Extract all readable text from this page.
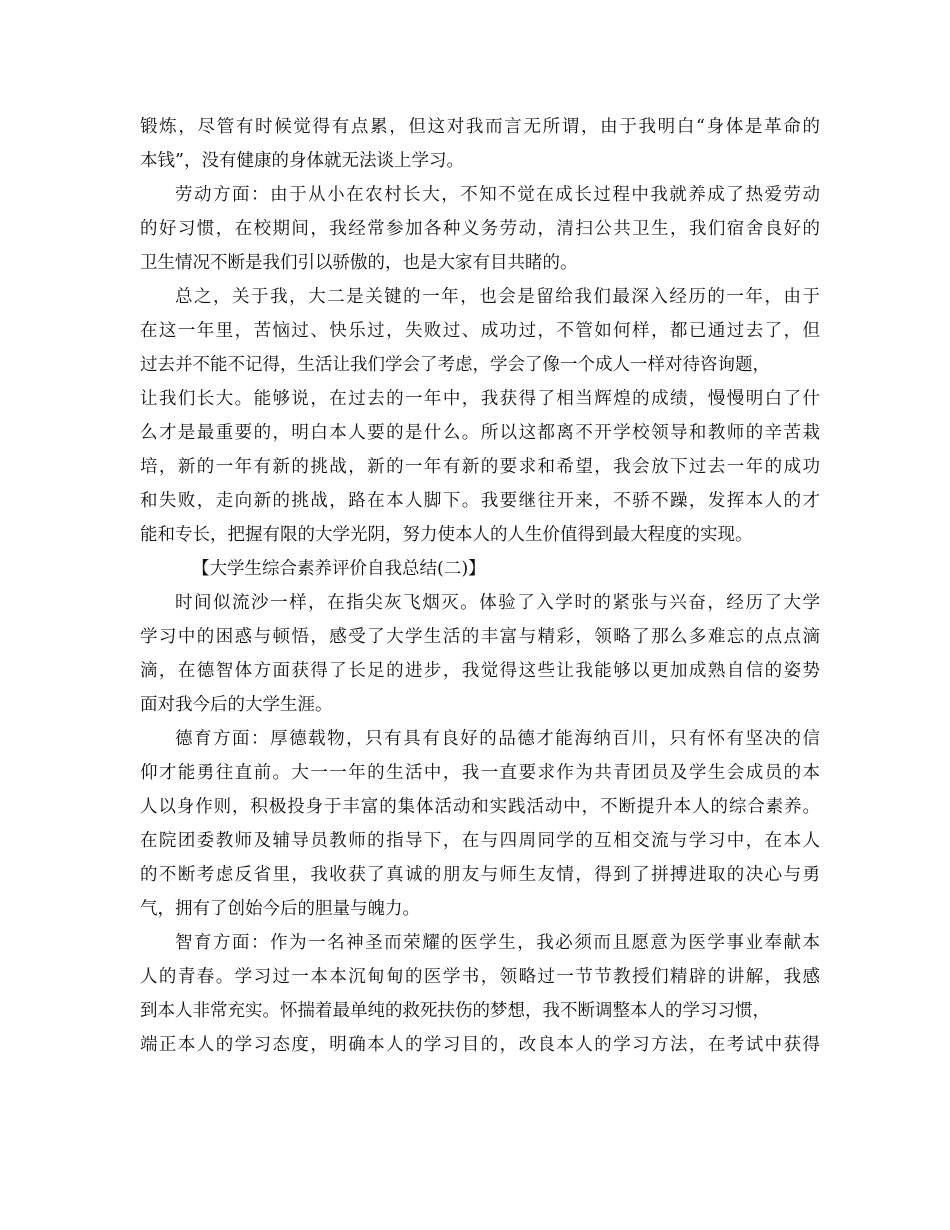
锻炼，尽管有时候觉得有点累，但这对我而言无所谓，由于我明白“身体是革命的
本钱”，没有健康的身体就无法谈上学习。
劳动方面：由于从小在农村长大，不知不觉在成长过程中我就养成了热爱劳动
的好习惯，在校期间，我经常参加各种义务劳动，清扫公共卫生，我们宿舍良好的
卫生情况不断是我们引以骄傲的，也是大家有目共睹的。
总之，关于我，大二是关键的一年，也会是留给我们最深入经历的一年，由于
在这一年里，苦恼过、快乐过，失败过、成功过，不管如何样，都已通过去了，但
过去并不能不记得，生活让我们学会了考虑，学会了像一个成人一样对待咨询题，
让我们长大。能够说，在过去的一年中，我获得了相当辉煌的成绩，慢慢明白了什
么才是最重要的，明白本人要的是什么。所以这都离不开学校领导和教师的辛苦栽
培，新的一年有新的挑战，新的一年有新的要求和希望，我会放下过去一年的成功
和失败，走向新的挑战，路在本人脚下。我要继往开来，不骄不躁，发挥本人的才
能和专长，把握有限的大学光阴，努力使本人的人生价值得到最大程度的实现。
【大学生综合素养评价自我总结(二)】
时间似流沙一样，在指尖灰飞烟灭。体验了入学时的紧张与兴奋，经历了大学
学习中的困惑与顿悟，感受了大学生活的丰富与精彩，领略了那么多难忘的点点滴
滴，在德智体方面获得了长足的进步，我觉得这些让我能够以更加成熟自信的姿势
面对我今后的大学生涯。
德育方面：厚德载物，只有具有良好的品德才能海纳百川，只有怀有坚决的信
仰才能勇往直前。大一一年的生活中，我一直要求作为共青团员及学生会成员的本
人以身作则，积极投身于丰富的集体活动和实践活动中，不断提升本人的综合素养。
在院团委教师及辅导员教师的指导下，在与四周同学的互相交流与学习中，在本人
的不断考虑反省里，我收获了真诚的朋友与师生友情，得到了拼搏进取的决心与勇
气，拥有了创始今后的胆量与魄力。
智育方面：作为一名神圣而荣耀的医学生，我必须而且愿意为医学事业奉献本
人的青春。学习过一本本沉甸甸的医学书，领略过一节节教授们精辟的讲解，我感
到本人非常充实。怀揣着最单纯的救死扶伤的梦想，我不断调整本人的学习习惯，
端正本人的学习态度，明确本人的学习目的，改良本人的学习方法，在考试中获得
